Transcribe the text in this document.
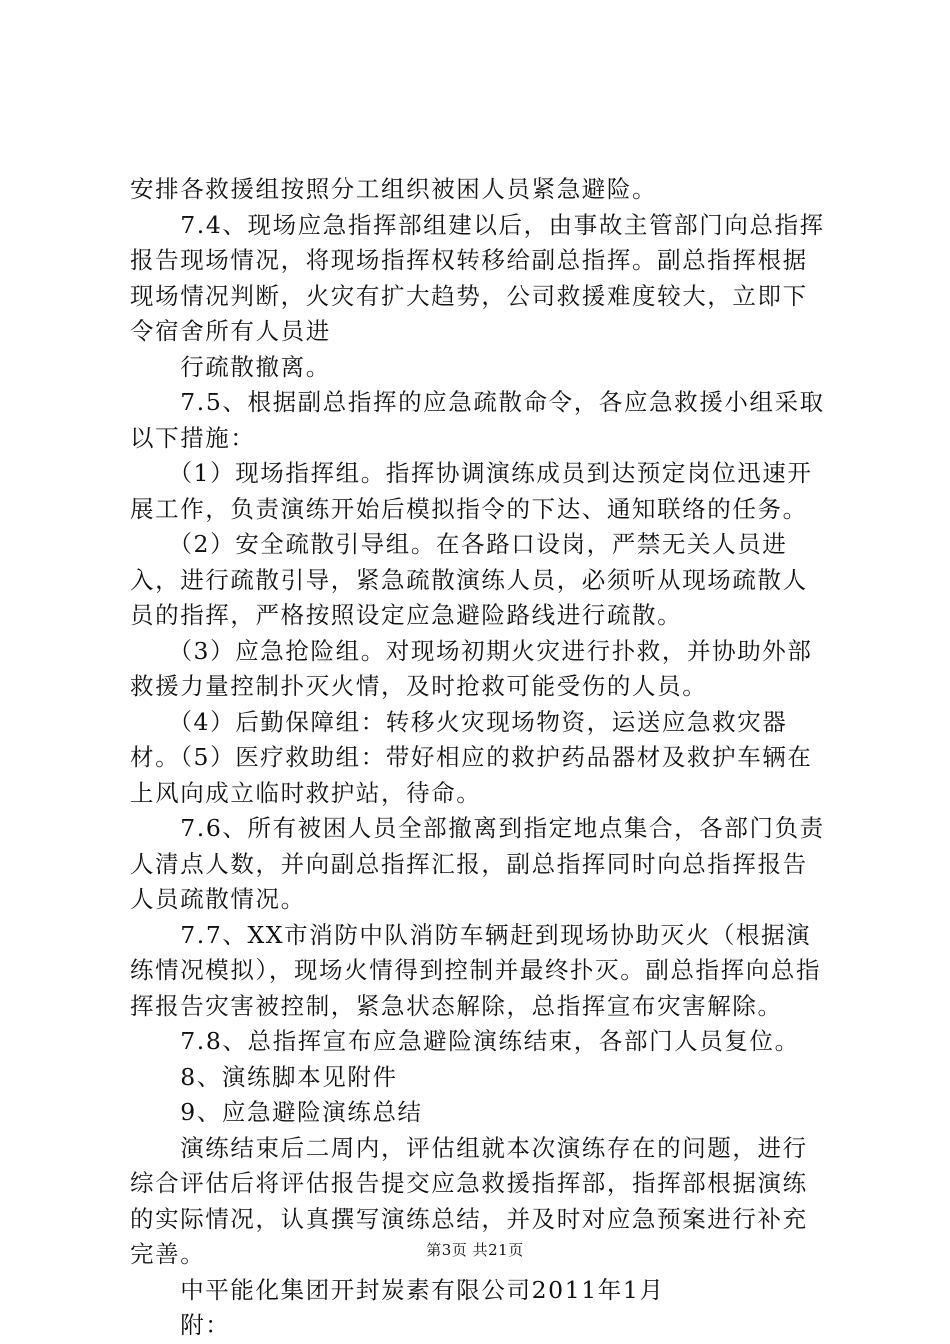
安排各救援组按照分工组织被困人员紧急避险。

　　7.4、现场应急指挥部组建以后，由事故主管部门向总指挥报告现场情况，将现场指挥权转移给副总指挥。副总指挥根据现场情况判断，火灾有扩大趋势，公司救援难度较大，立即下令宿舍所有人员进

　　行疏散撤离。

　　7.5、根据副总指挥的应急疏散命令，各应急救援小组采取以下措施：

　　（1）现场指挥组。指挥协调演练成员到达预定岗位迅速开展工作，负责演练开始后模拟指令的下达、通知联络的任务。

　　（2）安全疏散引导组。在各路口设岗，严禁无关人员进入，进行疏散引导，紧急疏散演练人员，必须听从现场疏散人员的指挥，严格按照设定应急避险路线进行疏散。

　　（3）应急抢险组。对现场初期火灾进行扑救，并协助外部救援力量控制扑灭火情，及时抢救可能受伤的人员。

　　（4）后勤保障组：转移火灾现场物资，运送应急救灾器材。（5）医疗救助组：带好相应的救护药品器材及救护车辆在上风向成立临时救护站，待命。

　　7.6、所有被困人员全部撤离到指定地点集合，各部门负责人清点人数，并向副总指挥汇报，副总指挥同时向总指挥报告人员疏散情况。

　　7.7、XX市消防中队消防车辆赶到现场协助灭火（根据演练情况模拟），现场火情得到控制并最终扑灭。副总指挥向总指挥报告灾害被控制，紧急状态解除，总指挥宣布灾害解除。

　　7.8、总指挥宣布应急避险演练结束，各部门人员复位。

　　8、演练脚本见附件

　　9、应急避险演练总结

　　演练结束后二周内，评估组就本次演练存在的问题，进行综合评估后将评估报告提交应急救援指挥部，指挥部根据演练的实际情况，认真撰写演练总结，并及时对应急预案进行补充完善。

　　中平能化集团开封炭素有限公司2011年1月

　　附：

第3页 共21页
